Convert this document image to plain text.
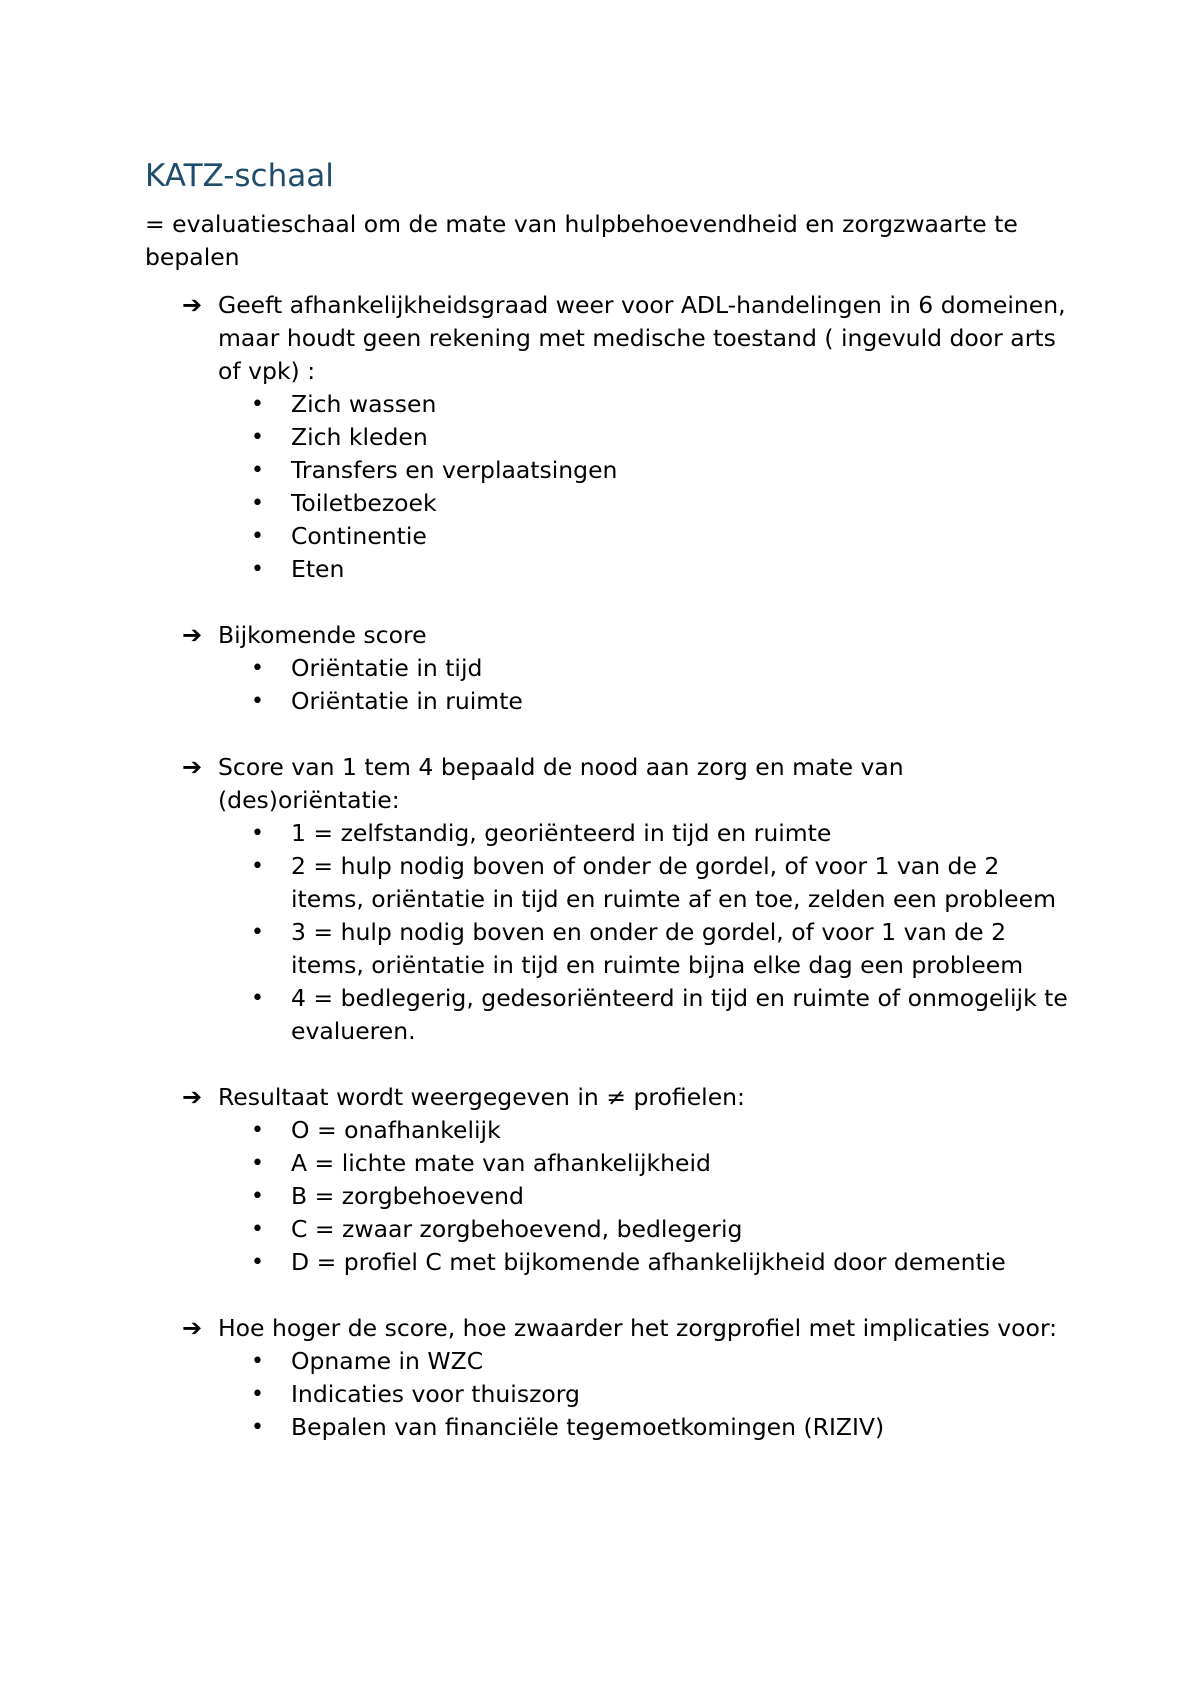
KATZ-schaal
= evaluatieschaal om de mate van hulpbehoevendheid en zorgzwaarte te bepalen
➔ Geeft afhankelijkheidsgraad weer voor ADL-handelingen in 6 domeinen, maar houdt geen rekening met medische toestand ( ingevuld door arts of vpk) :
• Zich wassen
• Zich kleden
• Transfers en verplaatsingen
• Toiletbezoek
• Continentie
• Eten
➔ Bijkomende score
• Oriëntatie in tijd
• Oriëntatie in ruimte
➔ Score van 1 tem 4 bepaald de nood aan zorg en mate van (des)oriëntatie:
• 1 = zelfstandig, georiënteerd in tijd en ruimte
• 2 = hulp nodig boven of onder de gordel, of voor 1 van de 2 items, oriëntatie in tijd en ruimte af en toe, zelden een probleem
• 3 = hulp nodig boven en onder de gordel, of voor 1 van de 2 items, oriëntatie in tijd en ruimte bijna elke dag een probleem
• 4 = bedlegerig, gedesoriënteerd in tijd en ruimte of onmogelijk te evalueren.
➔ Resultaat wordt weergegeven in ≠ profielen:
• O = onafhankelijk
• A = lichte mate van afhankelijkheid
• B = zorgbehoevend
• C = zwaar zorgbehoevend, bedlegerig
• D = profiel C met bijkomende afhankelijkheid door dementie
➔ Hoe hoger de score, hoe zwaarder het zorgprofiel met implicaties voor:
• Opname in WZC
• Indicaties voor thuiszorg
• Bepalen van financiële tegemoetkomingen (RIZIV)
